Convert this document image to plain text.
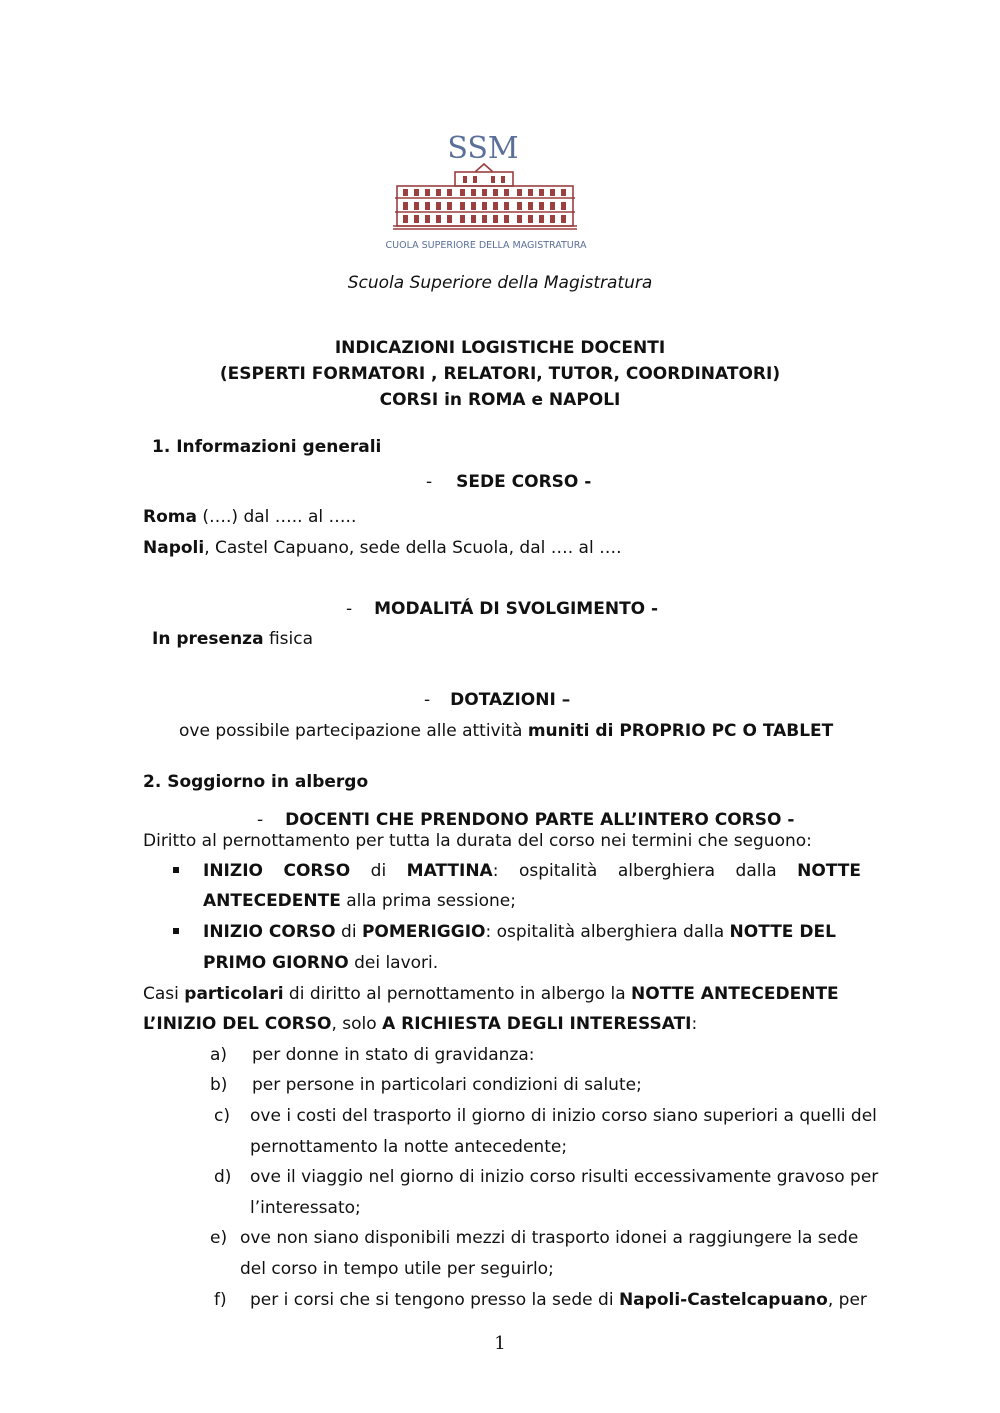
SSM
SCUOLA SUPERIORE DELLA MAGISTRATURA
Scuola Superiore della Magistratura
INDICAZIONI LOGISTICHE DOCENTI
(ESPERTI FORMATORI , RELATORI, TUTOR, COORDINATORI)
CORSI in ROMA e NAPOLI
1. Informazioni generali
- SEDE CORSO -
Roma (….) dal ….. al …..
Napoli, Castel Capuano, sede della Scuola, dal …. al ….
- MODALITÁ DI SVOLGIMENTO -
In presenza fisica
- DOTAZIONI –
ove possibile partecipazione alle attività muniti di PROPRIO PC O TABLET
2. Soggiorno in albergo
- DOCENTI CHE PRENDONO PARTE ALL’INTERO CORSO -
Diritto al pernottamento per tutta la durata del corso nei termini che seguono:
INIZIO CORSO di MATTINA: ospitalità alberghiera dalla NOTTE
ANTECEDENTE alla prima sessione;
INIZIO CORSO di POMERIGGIO: ospitalità alberghiera dalla NOTTE DEL
PRIMO GIORNO dei lavori.
Casi particolari di diritto al pernottamento in albergo la NOTTE ANTECEDENTE
L’INIZIO DEL CORSO, solo A RICHIESTA DEGLI INTERESSATI:
a) per donne in stato di gravidanza:
b) per persone in particolari condizioni di salute;
c) ove i costi del trasporto il giorno di inizio corso siano superiori a quelli del
pernottamento la notte antecedente;
d) ove il viaggio nel giorno di inizio corso risulti eccessivamente gravoso per
l’interessato;
e) ove non siano disponibili mezzi di trasporto idonei a raggiungere la sede
del corso in tempo utile per seguirlo;
f) per i corsi che si tengono presso la sede di Napoli-Castelcapuano, per
1
